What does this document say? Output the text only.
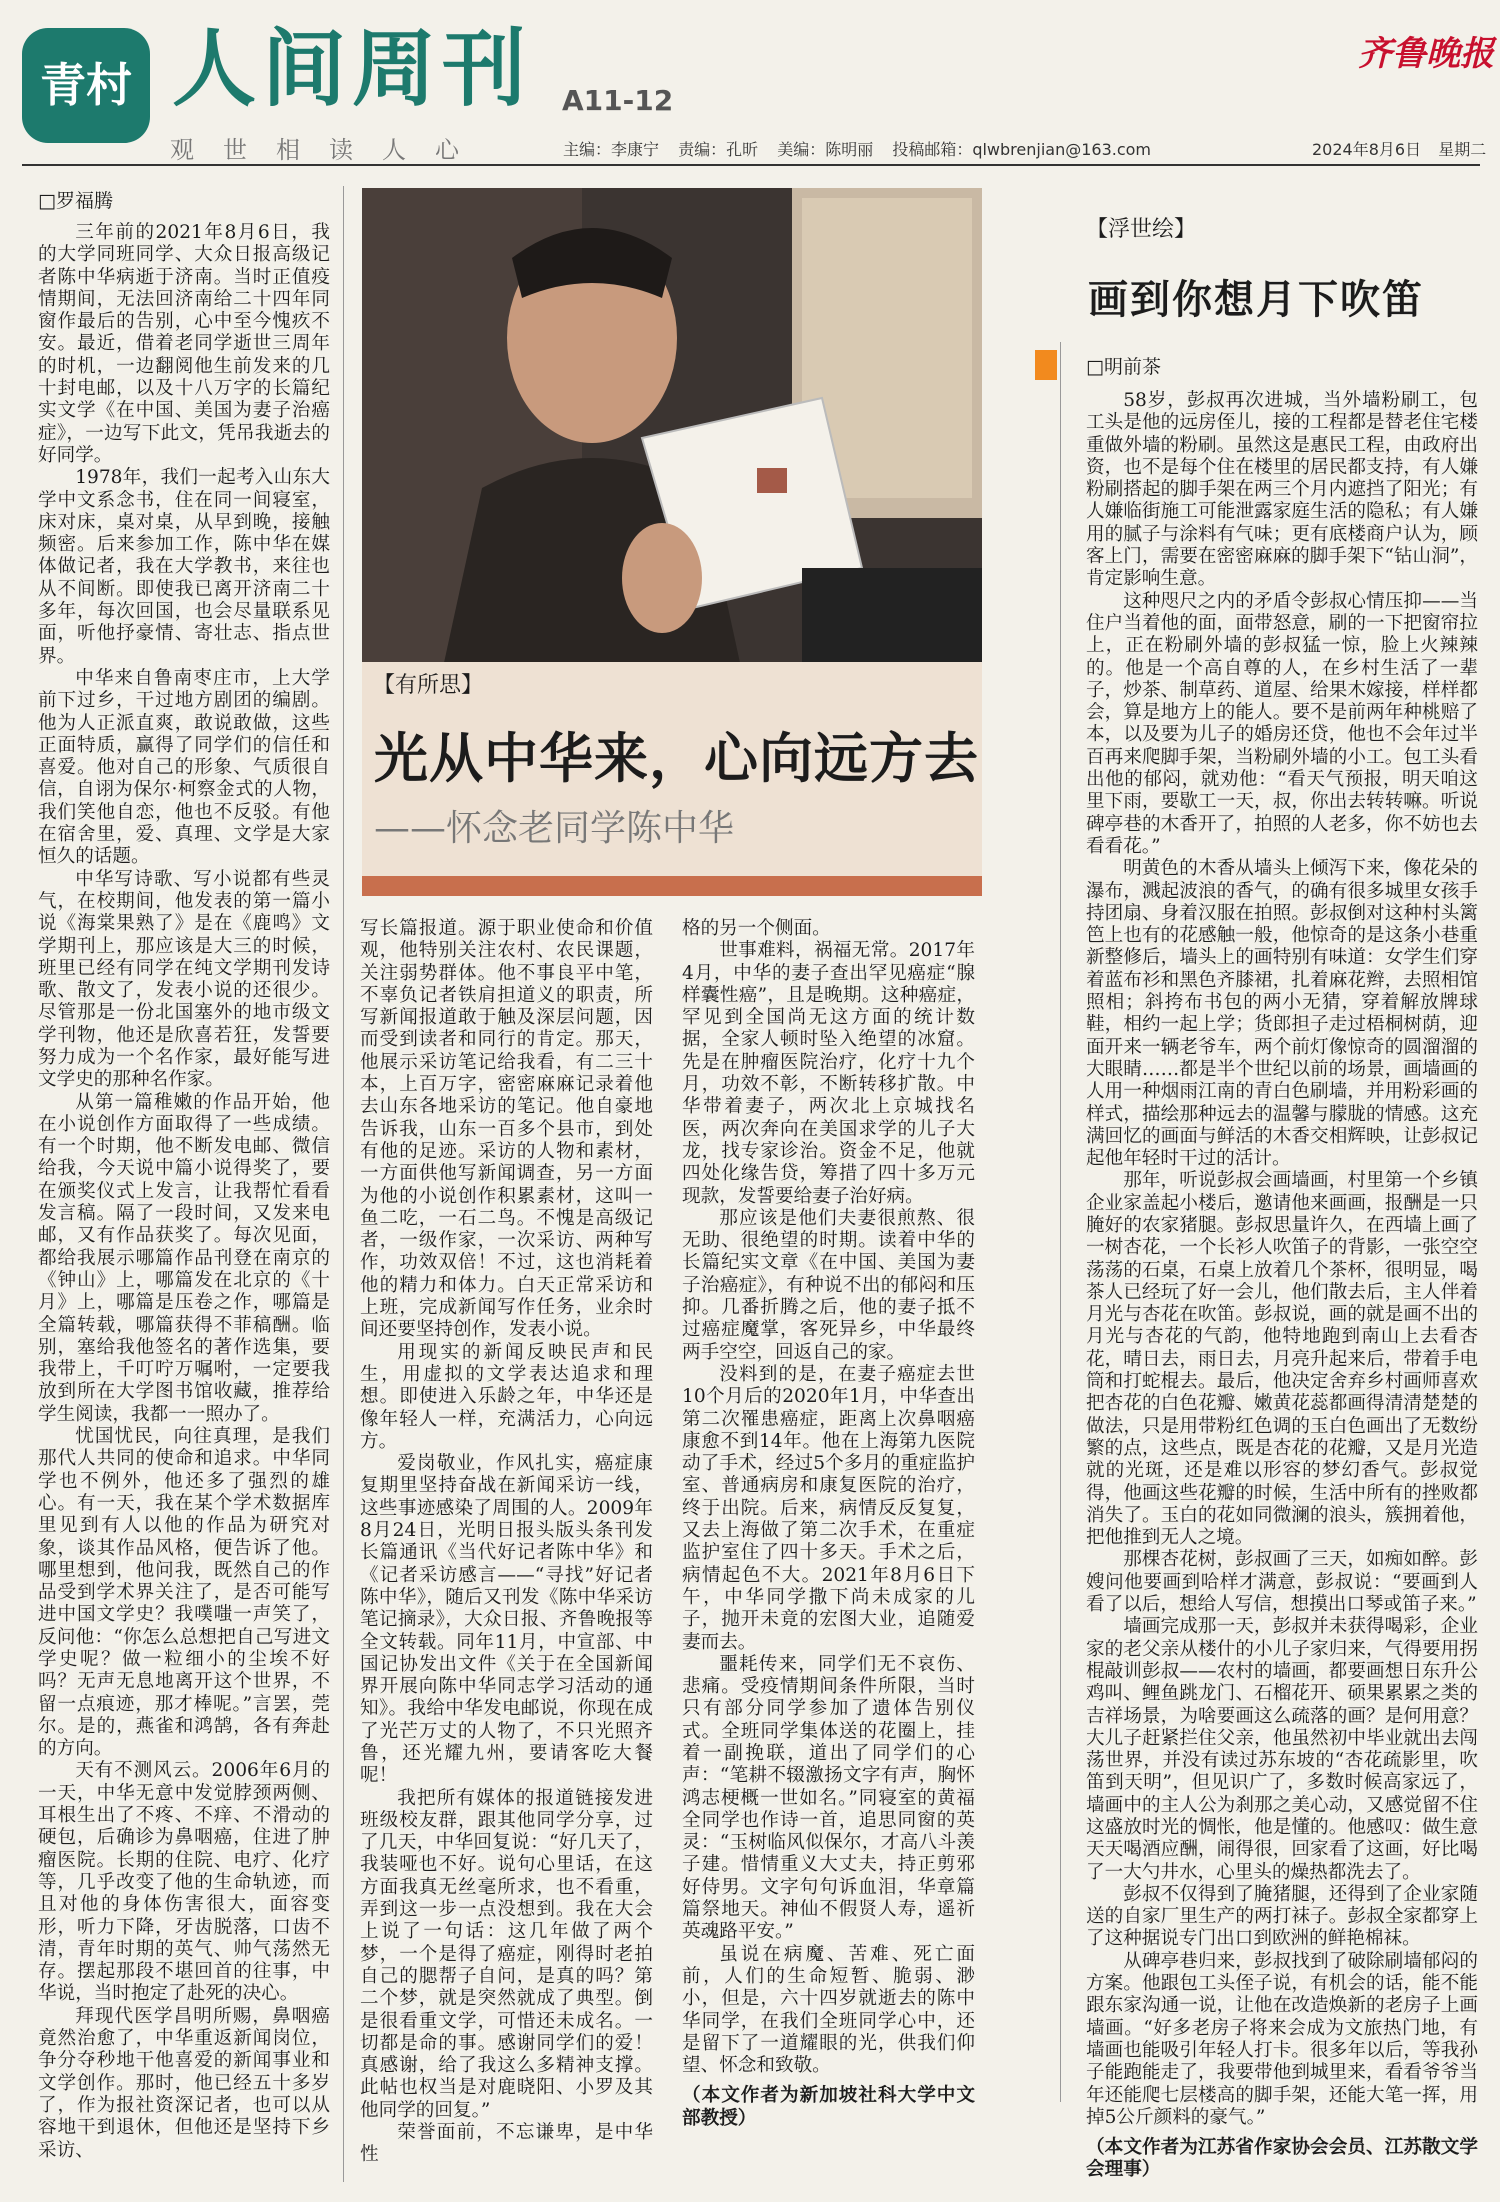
青村 人间周刊 A11-12
观世相读人心
齐鲁晚报
主编：李康宁 责编：孔昕 美编：陈明丽 投稿邮箱：qlwbrenjian@163.com	2024年8月6日 星期二
□罗福腾

三年前的2021年8月6日，我的大学同班同学、大众日报高级记者陈中华病逝于济南。当时正值疫情期间，无法回济南给二十四年同窗作最后的告别，心中至今愧疚不安。最近，借着老同学逝世三周年的时机，一边翻阅他生前发来的几十封电邮，以及十八万字的长篇纪实文学《在中国、美国为妻子治癌症》，一边写下此文，凭吊我逝去的好同学。

1978年，我们一起考入山东大学中文系念书，住在同一间寝室，床对床，桌对桌，从早到晚，接触频密。后来参加工作，陈中华在媒体做记者，我在大学教书，来往也从不间断。即使我已离开济南二十多年，每次回国，也会尽量联系见面，听他抒豪情、寄壮志、指点世界。

中华来自鲁南枣庄市，上大学前下过乡，干过地方剧团的编剧。他为人正派直爽，敢说敢做，这些正面特质，赢得了同学们的信任和喜爱。他对自己的形象、气质很自信，自诩为保尔·柯察金式的人物，我们笑他自恋，他也不反驳。有他在宿舍里，爱、真理、文学是大家恒久的话题。

中华写诗歌、写小说都有些灵气，在校期间，他发表的第一篇小说《海棠果熟了》是在《鹿鸣》文学期刊上，那应该是大三的时候，班里已经有同学在纯文学期刊发诗歌、散文了，发表小说的还很少。尽管那是一份北国塞外的地市级文学刊物，他还是欣喜若狂，发誓要努力成为一个名作家，最好能写进文学史的那种名作家。

从第一篇稚嫩的作品开始，他在小说创作方面取得了一些成绩。有一个时期，他不断发电邮、微信给我，今天说中篇小说得奖了，要在颁奖仪式上发言，让我帮忙看看发言稿。隔了一段时间，又发来电邮，又有作品获奖了。每次见面，都给我展示哪篇作品刊登在南京的《钟山》上，哪篇发在北京的《十月》上，哪篇是压卷之作，哪篇是全篇转载，哪篇获得不菲稿酬。临别，塞给我他签名的著作选集，要我带上，千叮咛万嘱咐，一定要我放到所在大学图书馆收藏，推荐给学生阅读，我都一一照办了。

忧国忧民，向往真理，是我们那代人共同的使命和追求。中华同学也不例外，他还多了强烈的雄心。有一天，我在某个学术数据库里见到有人以他的作品为研究对象，谈其作品风格，便告诉了他。哪里想到，他问我，既然自己的作品受到学术界关注了，是否可能写进中国文学史？我噗嗤一声笑了，反问他：“你怎么总想把自己写进文学史呢？做一粒细小的尘埃不好吗？无声无息地离开这个世界，不留一点痕迹，那才棒呢。”言罢，莞尔。是的，燕雀和鸿鹄，各有奔赴的方向。

天有不测风云。2006年6月的一天，中华无意中发觉脖颈两侧、耳根生出了不疼、不痒、不滑动的硬包，后确诊为鼻咽癌，住进了肿瘤医院。长期的住院、电疗、化疗等，几乎改变了他的生命轨迹，而且对他的身体伤害很大，面容变形，听力下降，牙齿脱落，口齿不清，青年时期的英气、帅气荡然无存。摆起那段不堪回首的往事，中华说，当时抱定了赴死的决心。

拜现代医学昌明所赐，鼻咽癌竟然治愈了，中华重返新闻岗位，争分夺秒地干他喜爱的新闻事业和文学创作。那时，他已经五十多岁了，作为报社资深记者，也可以从容地干到退休，但他还是坚持下乡采访、

【有所思】
光从中华来，心向远方去
——怀念老同学陈中华

写长篇报道。源于职业使命和价值观，他特别关注农村、农民课题，关注弱势群体。他不事良平中笔，不辜负记者铁肩担道义的职责，所写新闻报道敢于触及深层问题，因而受到读者和同行的肯定。那天，他展示采访笔记给我看，有二三十本，上百万字，密密麻麻记录着他去山东各地采访的笔记。他自豪地告诉我，山东一百多个县市，到处有他的足迹。采访的人物和素材，一方面供他写新闻调查，另一方面为他的小说创作积累素材，这叫一鱼二吃，一石二鸟。不愧是高级记者，一级作家，一次采访、两种写作，功效双倍！不过，这也消耗着他的精力和体力。白天正常采访和上班，完成新闻写作任务，业余时间还要坚持创作，发表小说。

用现实的新闻反映民声和民生，用虚拟的文学表达追求和理想。即使进入乐龄之年，中华还是像年轻人一样，充满活力，心向远方。

爱岗敬业，作风扎实，癌症康复期里坚持奋战在新闻采访一线，这些事迹感染了周围的人。2009年8月24日，光明日报头版头条刊发长篇通讯《当代好记者陈中华》和《记者采访感言——“寻找”好记者陈中华》，随后又刊发《陈中华采访笔记摘录》，大众日报、齐鲁晚报等全文转载。同年11月，中宣部、中国记协发出文件《关于在全国新闻界开展向陈中华同志学习活动的通知》。我给中华发电邮说，你现在成了光芒万丈的人物了，不只光照齐鲁，还光耀九州，要请客吃大餐呢！

我把所有媒体的报道链接发进班级校友群，跟其他同学分享，过了几天，中华回复说：“好几天了，我装哑也不好。说句心里话，在这方面我真无丝毫所求，也不看重，弄到这一步一点没想到。我在大会上说了一句话：这几年做了两个梦，一个是得了癌症，刚得时老拍自己的腮帮子自问，是真的吗？第二个梦，就是突然就成了典型。倒是很看重文学，可惜还未成名。一切都是命的事。感谢同学们的爱！真感谢，给了我这么多精神支撑。此帖也权当是对鹿晓阳、小罗及其他同学的回复。”

荣誉面前，不忘谦卑，是中华性

格的另一个侧面。

世事难料，祸福无常。2017年4月，中华的妻子查出罕见癌症“腺样囊性癌”，且是晚期。这种癌症，罕见到全国尚无这方面的统计数据，全家人顿时坠入绝望的冰窟。先是在肿瘤医院治疗，化疗十九个月，功效不彰，不断转移扩散。中华带着妻子，两次北上京城找名医，两次奔向在美国求学的儿子大龙，找专家诊治。资金不足，他就四处化缘告贷，筹措了四十多万元现款，发誓要给妻子治好病。

那应该是他们夫妻很煎熬、很无助、很绝望的时期。读着中华的长篇纪实文章《在中国、美国为妻子治癌症》，有种说不出的郁闷和压抑。几番折腾之后，他的妻子抵不过癌症魔掌，客死异乡，中华最终两手空空，回返自己的家。

没料到的是，在妻子癌症去世10个月后的2020年1月，中华查出第二次罹患癌症，距离上次鼻咽癌康愈不到14年。他在上海第九医院动了手术，经过5个多月的重症监护室、普通病房和康复医院的治疗，终于出院。后来，病情反反复复，又去上海做了第二次手术，在重症监护室住了四十多天。手术之后，病情起色不大。2021年8月6日下午，中华同学撒下尚未成家的儿子，抛开未竟的宏图大业，追随爱妻而去。

噩耗传来，同学们无不哀伤、悲痛。受疫情期间条件所限，当时只有部分同学参加了遗体告别仪式。全班同学集体送的花圈上，挂着一副挽联，道出了同学们的心声：“笔耕不辍激扬文字有声，胸怀鸿志梗概一世如名。”同寝室的黄福全同学也作诗一首，追思同窗的英灵：“玉树临风似保尔，才高八斗羡子建。惜情重义大丈夫，持正剪邪好侍男。文字句句诉血泪，华章篇篇祭地天。神仙不假贤人寿，遥祈英魂路平安。”

虽说在病魔、苦难、死亡面前，人们的生命短暂、脆弱、渺小，但是，六十四岁就逝去的陈中华同学，在我们全班同学心中，还是留下了一道耀眼的光，供我们仰望、怀念和致敬。

（本文作者为新加坡社科大学中文部教授）

【浮世绘】
画到你想月下吹笛
□明前茶

58岁，彭叔再次进城，当外墙粉刷工，包工头是他的远房侄儿，接的工程都是替老住宅楼重做外墙的粉刷。虽然这是惠民工程，由政府出资，也不是每个住在楼里的居民都支持，有人嫌粉刷搭起的脚手架在两三个月内遮挡了阳光；有人嫌临街施工可能泄露家庭生活的隐私；有人嫌用的腻子与涂料有气味；更有底楼商户认为，顾客上门，需要在密密麻麻的脚手架下“钻山洞”，肯定影响生意。

这种咫尺之内的矛盾令彭叔心情压抑——当住户当着他的面，面带怒意，刷的一下把窗帘拉上，正在粉刷外墙的彭叔猛一惊，脸上火辣辣的。他是一个高自尊的人，在乡村生活了一辈子，炒茶、制草药、道屋、给果木嫁接，样样都会，算是地方上的能人。要不是前两年种桃赔了本，以及要为儿子的婚房还贷，他也不会年过半百再来爬脚手架，当粉刷外墙的小工。包工头看出他的郁闷，就劝他：“看天气预报，明天咱这里下雨，要歇工一天，叔，你出去转转嘛。听说碑亭巷的木香开了，拍照的人老多，你不妨也去看看花。”

明黄色的木香从墙头上倾泻下来，像花朵的瀑布，溅起波浪的香气，的确有很多城里女孩手持团扇、身着汉服在拍照。彭叔倒对这种村头篱笆上也有的花感触一般，他惊奇的是这条小巷重新整修后，墙头上的画特别有味道：女学生们穿着蓝布衫和黑色齐膝裙，扎着麻花辫，去照相馆照相；斜挎布书包的两小无猜，穿着解放牌球鞋，相约一起上学；货郎担子走过梧桐树荫，迎面开来一辆老爷车，两个前灯像惊奇的圆溜溜的大眼睛……都是半个世纪以前的场景，画墙画的人用一种烟雨江南的青白色刷墙，并用粉彩画的样式，描绘那种远去的温馨与朦胧的情感。这充满回忆的画面与鲜活的木香交相辉映，让彭叔记起他年轻时干过的活计。

那年，听说彭叔会画墙画，村里第一个乡镇企业家盖起小楼后，邀请他来画画，报酬是一只腌好的农家猪腿。彭叔思量许久，在西墙上画了一树杏花，一个长衫人吹笛子的背影，一张空空荡荡的石桌，石桌上放着几个茶杯，很明显，喝茶人已经玩了好一会儿，他们散去后，主人伴着月光与杏花在吹笛。彭叔说，画的就是画不出的月光与杏花的气韵，他特地跑到南山上去看杏花，晴日去，雨日去，月亮升起来后，带着手电筒和打蛇棍去。最后，他决定舍弃乡村画师喜欢把杏花的白色花瓣、嫩黄花蕊都画得清清楚楚的做法，只是用带粉红色调的玉白色画出了无数纷繁的点，这些点，既是杏花的花瓣，又是月光造就的光斑，还是难以形容的梦幻香气。彭叔觉得，他画这些花瓣的时候，生活中所有的挫败都消失了。玉白的花如同微澜的浪头，簇拥着他，把他推到无人之境。

那棵杏花树，彭叔画了三天，如痴如醉。彭嫂问他要画到哈样才满意，彭叔说：“要画到人看了以后，想给人写信，想摸出口琴或笛子来。”

墙画完成那一天，彭叔并未获得喝彩，企业家的老父亲从楼什的小儿子家归来，气得要用拐棍敲训彭叔——农村的墙画，都要画想日东升公鸡叫、鲤鱼跳龙门、石榴花开、硕果累累之类的吉祥场景，为啥要画这么疏落的画？是何用意？大儿子赶紧拦住父亲，他虽然初中毕业就出去闯荡世界，并没有读过苏东坡的“杏花疏影里，吹笛到天明”，但见识广了，多数时候高家远了，墙画中的主人公为刹那之美心动，又感觉留不住这盛放时光的惆怅，他是懂的。他感叹：做生意天天喝酒应酬，闹得很，回家看了这画，好比喝了一大勺井水，心里头的燥热都洗去了。

彭叔不仅得到了腌猪腿，还得到了企业家随送的自家厂里生产的两打袜子。彭叔全家都穿上了这种据说专门出口到欧洲的鲜艳棉袜。

从碑亭巷归来，彭叔找到了破除刷墙郁闷的方案。他跟包工头侄子说，有机会的话，能不能跟东家沟通一说，让他在改造焕新的老房子上画墙画。“好多老房子将来会成为文旅热门地，有墙画也能吸引年轻人打卡。很多年以后，等我孙子能跑能走了，我要带他到城里来，看看爷爷当年还能爬七层楼高的脚手架，还能大笔一挥，用掉5公斤颜料的豪气。”

（本文作者为江苏省作家协会会员、江苏散文学会理事）
